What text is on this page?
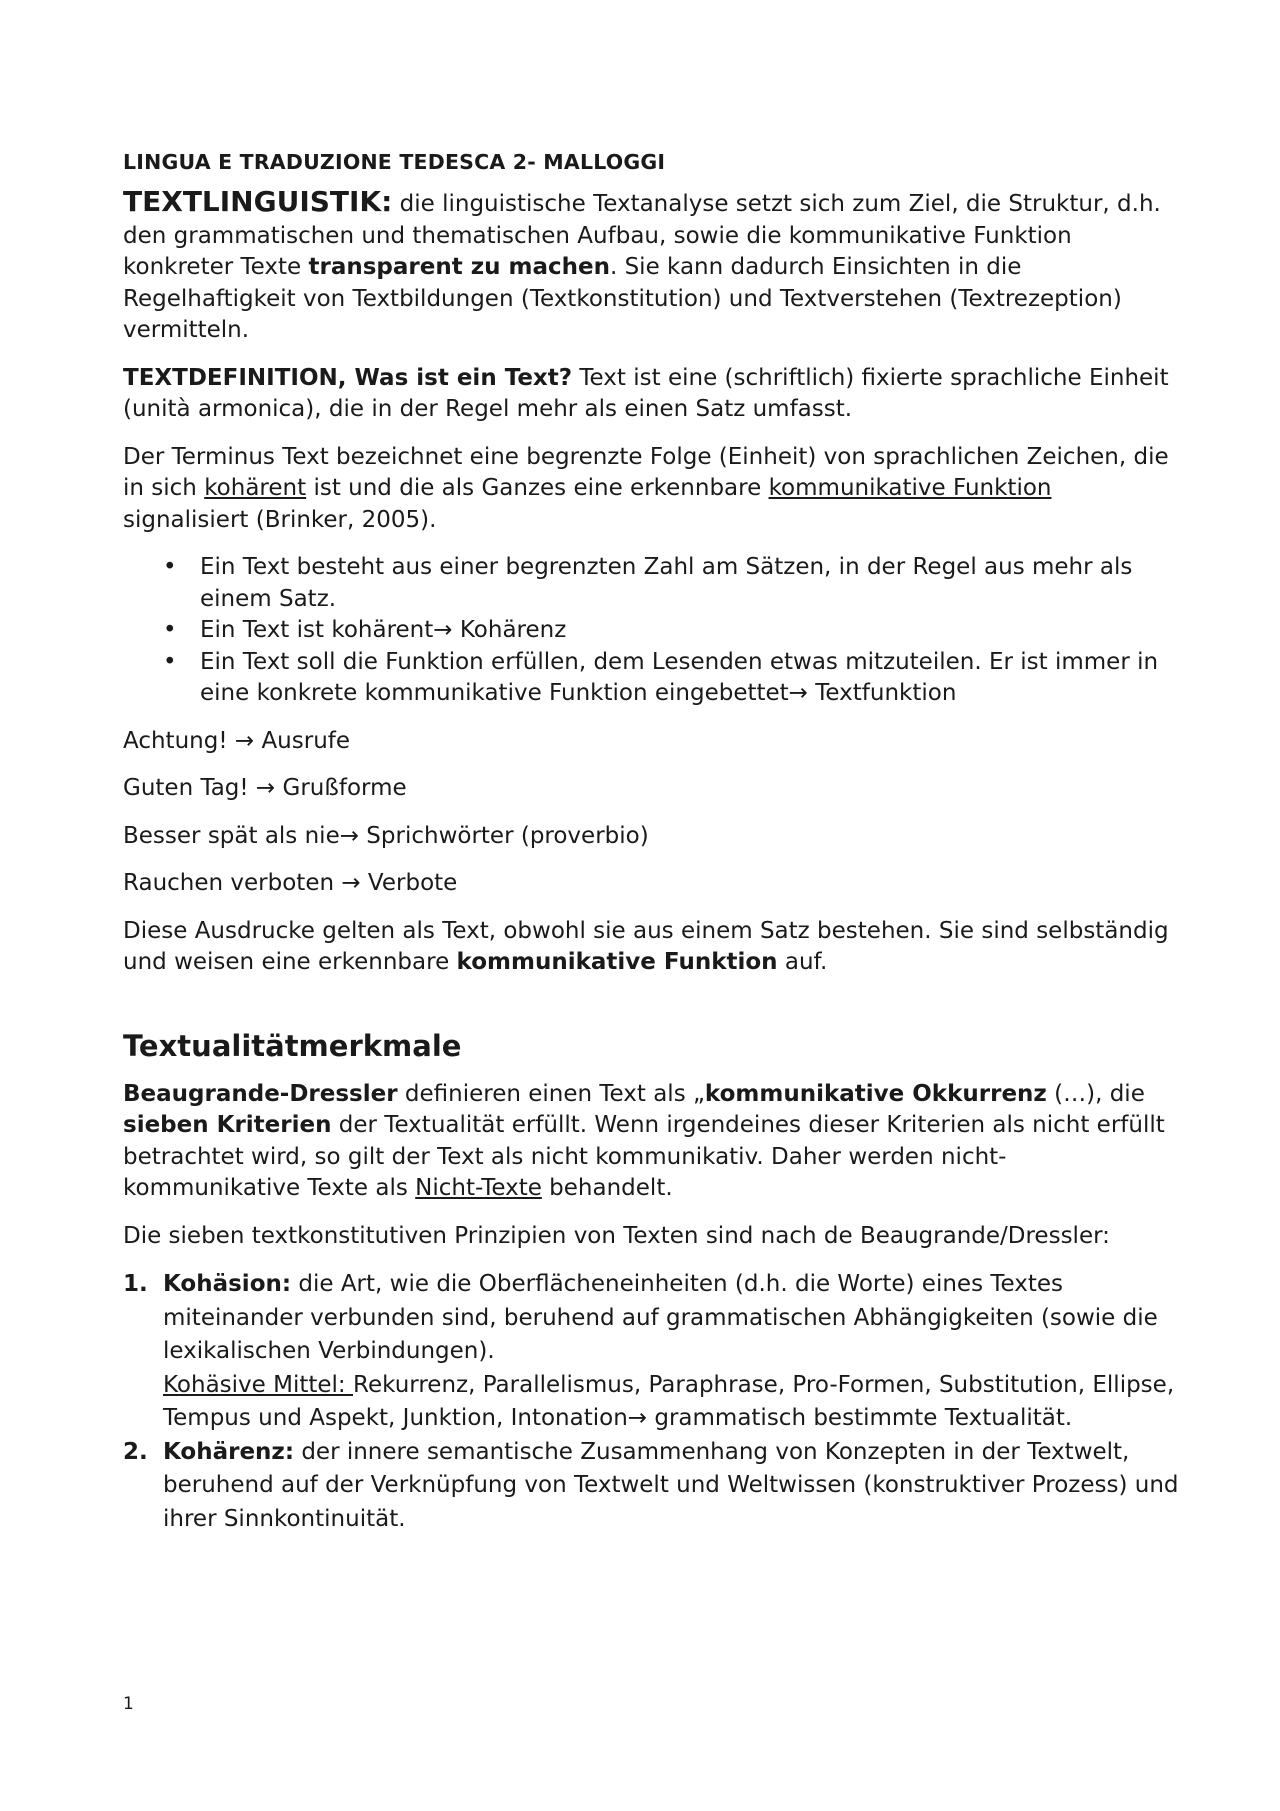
LINGUA E TRADUZIONE TEDESCA 2- MALLOGGI

TEXTLINGUISTIK: die linguistische Textanalyse setzt sich zum Ziel, die Struktur, d.h. den grammatischen und thematischen Aufbau, sowie die kommunikative Funktion konkreter Texte transparent zu machen. Sie kann dadurch Einsichten in die Regelhaftigkeit von Textbildungen (Textkonstitution) und Textverstehen (Textrezeption) vermitteln.

TEXTDEFINITION, Was ist ein Text? Text ist eine (schriftlich) fixierte sprachliche Einheit (unità armonica), die in der Regel mehr als einen Satz umfasst.

Der Terminus Text bezeichnet eine begrenzte Folge (Einheit) von sprachlichen Zeichen, die in sich kohärent ist und die als Ganzes eine erkennbare kommunikative Funktion signalisiert (Brinker, 2005).

• Ein Text besteht aus einer begrenzten Zahl am Sätzen, in der Regel aus mehr als einem Satz.
• Ein Text ist kohärent→ Kohärenz
• Ein Text soll die Funktion erfüllen, dem Lesenden etwas mitzuteilen. Er ist immer in eine konkrete kommunikative Funktion eingebettet→ Textfunktion

Achtung! → Ausrufe

Guten Tag! → Grußforme

Besser spät als nie→ Sprichwörter (proverbio)

Rauchen verboten → Verbote

Diese Ausdrucke gelten als Text, obwohl sie aus einem Satz bestehen. Sie sind selbständig und weisen eine erkennbare kommunikative Funktion auf.

Textualitätmerkmale

Beaugrande-Dressler definieren einen Text als „kommunikative Okkurrenz (…), die sieben Kriterien der Textualität erfüllt. Wenn irgendeines dieser Kriterien als nicht erfüllt betrachtet wird, so gilt der Text als nicht kommunikativ. Daher werden nicht-kommunikative Texte als Nicht-Texte behandelt.

Die sieben textkonstitutiven Prinzipien von Texten sind nach de Beaugrande/Dressler:

1. Kohäsion: die Art, wie die Oberflächeneinheiten (d.h. die Worte) eines Textes miteinander verbunden sind, beruhend auf grammatischen Abhängigkeiten (sowie die lexikalischen Verbindungen).
Kohäsive Mittel: Rekurrenz, Parallelismus, Paraphrase, Pro-Formen, Substitution, Ellipse, Tempus und Aspekt, Junktion, Intonation→ grammatisch bestimmte Textualität.
2. Kohärenz: der innere semantische Zusammenhang von Konzepten in der Textwelt, beruhend auf der Verknüpfung von Textwelt und Weltwissen (konstruktiver Prozess) und ihrer Sinnkontinuität.
1
